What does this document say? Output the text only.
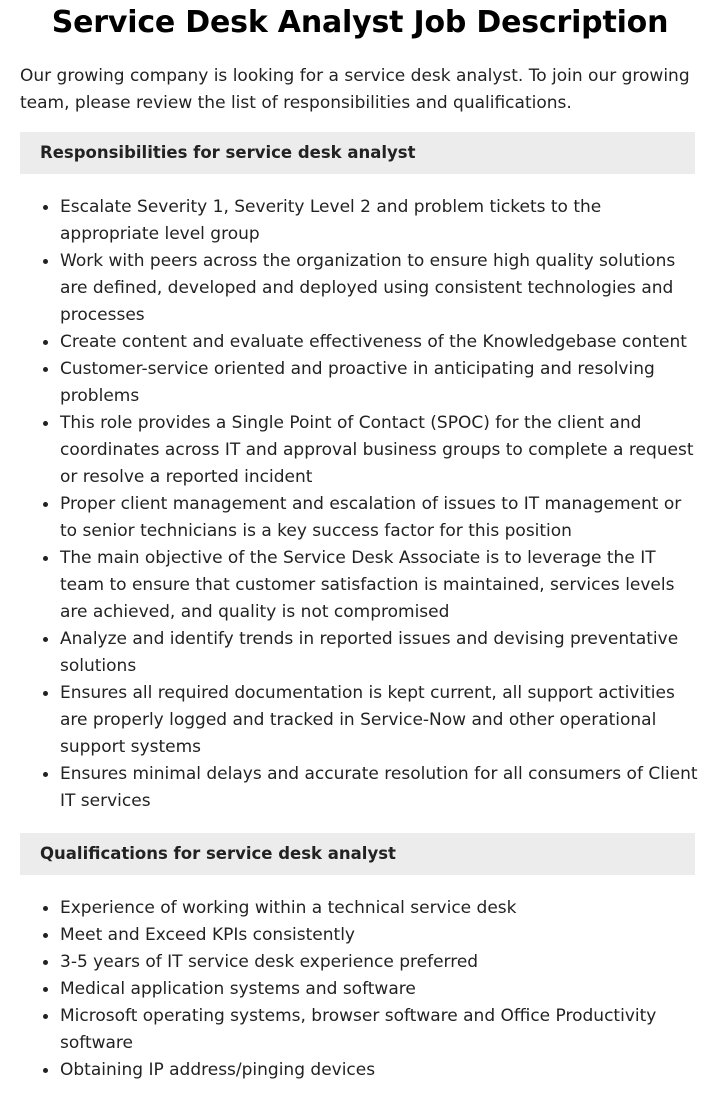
Service Desk Analyst Job Description

Our growing company is looking for a service desk analyst. To join our growing team, please review the list of responsibilities and qualifications.

Responsibilities for service desk analyst
Escalate Severity 1, Severity Level 2 and problem tickets to the appropriate level group
Work with peers across the organization to ensure high quality solutions are defined, developed and deployed using consistent technologies and processes
Create content and evaluate effectiveness of the Knowledgebase content
Customer-service oriented and proactive in anticipating and resolving problems
This role provides a Single Point of Contact (SPOC) for the client and coordinates across IT and approval business groups to complete a request or resolve a reported incident
Proper client management and escalation of issues to IT management or to senior technicians is a key success factor for this position
The main objective of the Service Desk Associate is to leverage the IT team to ensure that customer satisfaction is maintained, services levels are achieved, and quality is not compromised
Analyze and identify trends in reported issues and devising preventative solutions
Ensures all required documentation is kept current, all support activities are properly logged and tracked in Service-Now and other operational support systems
Ensures minimal delays and accurate resolution for all consumers of Client IT services
Qualifications for service desk analyst
Experience of working within a technical service desk
Meet and Exceed KPIs consistently
3-5 years of IT service desk experience preferred
Medical application systems and software
Microsoft operating systems, browser software and Office Productivity software
Obtaining IP address/pinging devices
